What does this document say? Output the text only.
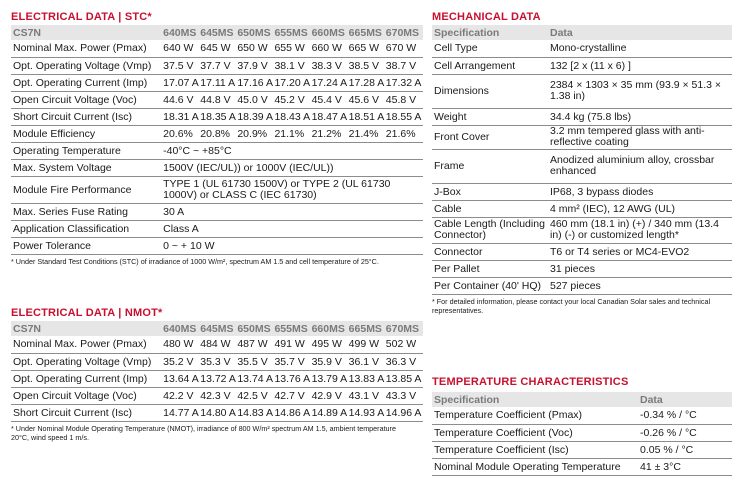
ELECTRICAL DATA | STC*
CS7N	640MS	645MS	650MS	655MS	660MS	665MS	670MS
Nominal Max. Power (Pmax)	640 W	645 W	650 W	655 W	660 W	665 W	670 W
Opt. Operating Voltage (Vmp)	37.5 V	37.7 V	37.9 V	38.1 V	38.3 V	38.5 V	38.7 V
Opt. Operating Current (Imp)	17.07 A	17.11 A	17.16 A	17.20 A	17.24 A	17.28 A	17.32 A
Open Circuit Voltage (Voc)	44.6 V	44.8 V	45.0 V	45.2 V	45.4 V	45.6 V	45.8 V
Short Circuit Current (Isc)	18.31 A	18.35 A	18.39 A	18.43 A	18.47 A	18.51 A	18.55 A
Module Efficiency	20.6%	20.8%	20.9%	21.1%	21.2%	21.4%	21.6%
Operating Temperature	-40°C ~ +85°C						
Max. System Voltage	1500V (IEC/UL)) or 1000V (IEC/UL))						
Module Fire Performance	TYPE 1 (UL 61730 1500V) or TYPE 2 (UL 61730 1000V) or CLASS C (IEC 61730)						
Max. Series Fuse Rating	30 A						
Application Classification	Class A						
Power Tolerance	0 ~ + 10 W						
* Under Standard Test Conditions (STC) of irradiance of 1000 W/m², spectrum AM 1.5 and cell temperature of 25°C.
ELECTRICAL DATA | NMOT*
CS7N	640MS	645MS	650MS	655MS	660MS	665MS	670MS
Nominal Max. Power (Pmax)	480 W	484 W	487 W	491 W	495 W	499 W	502 W
Opt. Operating Voltage (Vmp)	35.2 V	35.3 V	35.5 V	35.7 V	35.9 V	36.1 V	36.3 V
Opt. Operating Current (Imp)	13.64 A	13.72 A	13.74 A	13.76 A	13.79 A	13.83 A	13.85 A
Open Circuit Voltage (Voc)	42.2 V	42.3 V	42.5 V	42.7 V	42.9 V	43.1 V	43.3 V
Short Circuit Current (Isc)	14.77 A	14.80 A	14.83 A	14.86 A	14.89 A	14.93 A	14.96 A
* Under Nominal Module Operating Temperature (NMOT), irradiance of 800 W/m² spectrum AM 1.5, ambient temperature 20°C, wind speed 1 m/s.
MECHANICAL DATA
Specification	Data
Cell Type	Mono-crystalline
Cell Arrangement	132 [2 x (11 x 6) ]
Dimensions	2384 × 1303 × 35 mm (93.9 × 51.3 × 1.38 in)
Weight	34.4 kg (75.8 lbs)
Front Cover	3.2 mm tempered glass with anti-reflective coating
Frame	Anodized aluminium alloy, crossbar enhanced
J-Box	IP68, 3 bypass diodes
Cable	4 mm² (IEC), 12 AWG (UL)
Cable Length (Including Connector)	460 mm (18.1 in) (+) / 340 mm (13.4 in) (-) or customized length*
Connector	T6 or T4 series or MC4-EVO2
Per Pallet	31 pieces
Per Container (40' HQ)	527 pieces
* For detailed information, please contact your local Canadian Solar sales and technical representatives.
TEMPERATURE CHARACTERISTICS
Specification	Data
Temperature Coefficient (Pmax)	-0.34 % / °C
Temperature Coefficient (Voc)	-0.26 % / °C
Temperature Coefficient (Isc)	0.05 % / °C
Nominal Module Operating Temperature	41 ± 3°C
